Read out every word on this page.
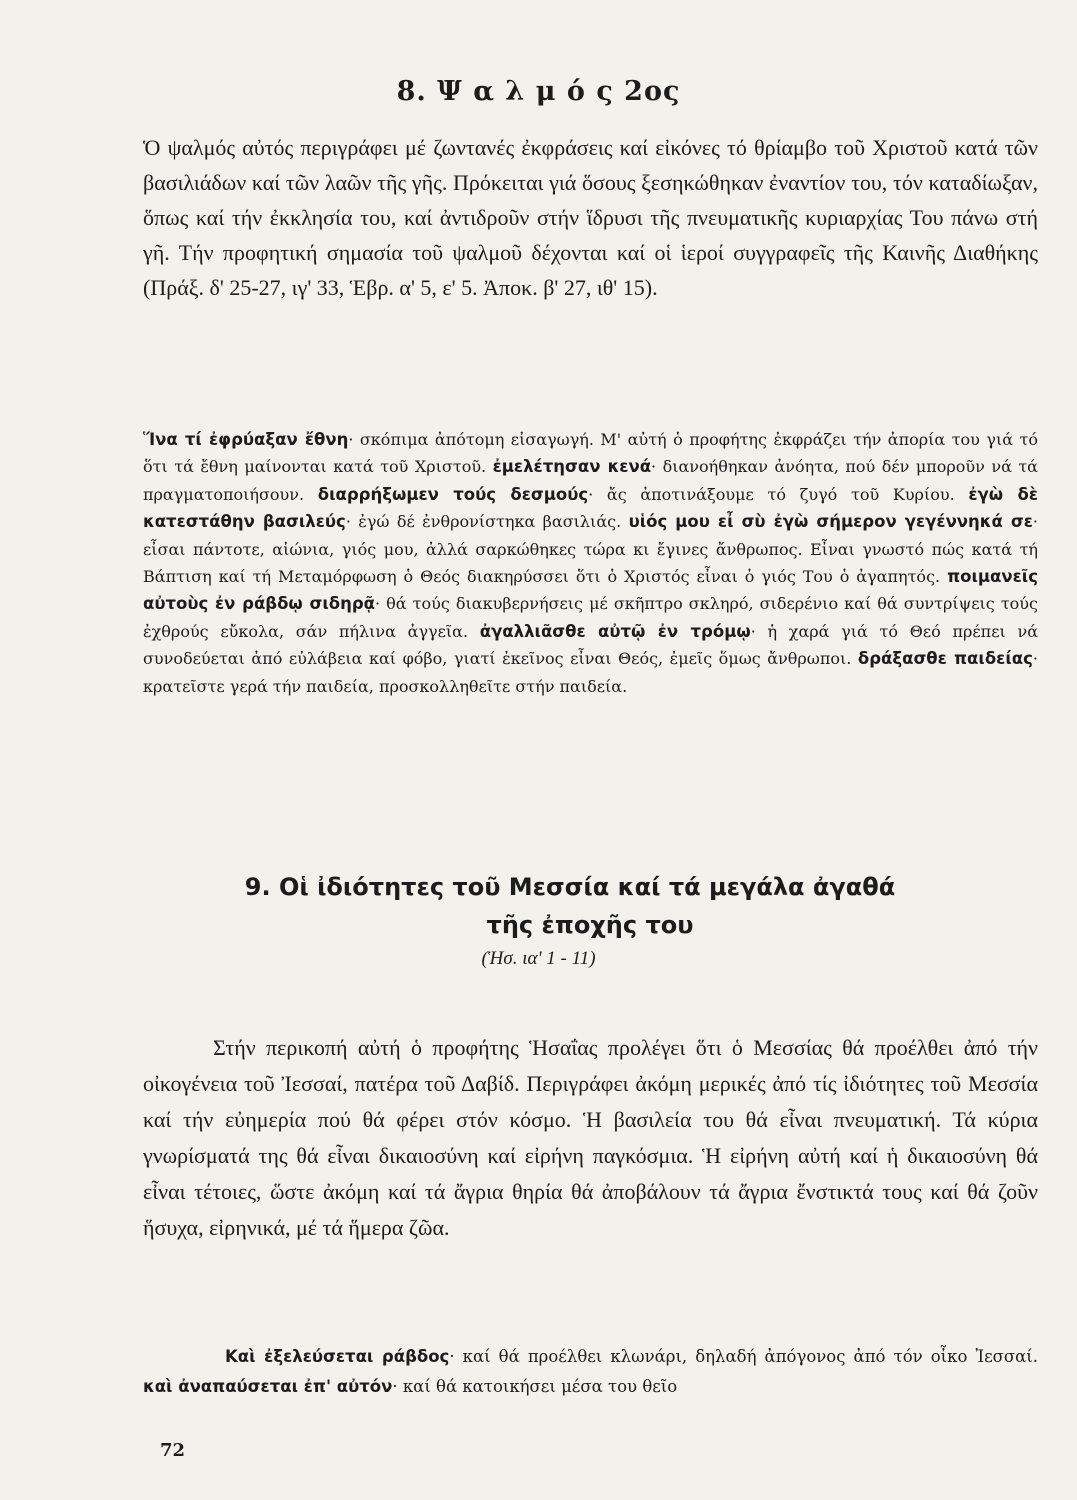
8. Ψ α λ μ ό ς 2ος
Ὁ ψαλμός αὐτός περιγράφει μέ ζωντανές ἐκφράσεις καί εἰκόνες τό θρίαμβο τοῦ Χριστοῦ κατά τῶν βασιλιάδων καί τῶν λαῶν τῆς γῆς. Πρόκειται γιά ὅσους ξεσηκώθηκαν ἐναντίον του, τόν καταδίωξαν, ὅπως καί τήν ἐκκλησία του, καί ἀντιδροῦν στήν ἵδρυσι τῆς πνευματικῆς κυριαρχίας Του πάνω στή γῆ. Τήν προφητική σημασία τοῦ ψαλμοῦ δέχονται καί οἱ ἱεροί συγγραφεῖς τῆς Καινῆς Διαθήκης (Πράξ. δ' 25-27, ιγ' 33, Ἑβρ. α' 5, ε' 5. Ἀποκ. β' 27, ιθ' 15).
Ἵνα τί ἐφρύαξαν ἔθνη· σκόπιμα ἀπότομη εἰσαγωγή. Μ' αὐτή ὁ προφήτης ἐκφράζει τήν ἀπορία του γιά τό ὅτι τά ἔθνη μαίνονται κατά τοῦ Χριστοῦ. ἐμελέτησαν κενά· διανοήθηκαν ἀνόητα, πού δέν μποροῦν νά τά πραγματοποιήσουν. διαρρήξωμεν τούς δεσμούς· ἄς ἀποτινάξουμε τό ζυγό τοῦ Κυρίου. ἐγὼ δὲ κατεστάθην βασιλεύς· ἐγώ δέ ἐνθρονίστηκα βασιλιάς. υἱός μου εἶ σὺ ἐγὼ σήμερον γεγέννηκά σε· εἶσαι πάντοτε, αἰώνια, γιός μου, ἀλλά σαρκώθηκες τώρα κι ἔγινες ἄνθρωπος. Εἶναι γνωστό πώς κατά τή Βάπτιση καί τή Μεταμόρφωση ὁ Θεός διακηρύσσει ὅτι ὁ Χριστός εἶναι ὁ γιός Του ὁ ἀγαπητός. ποιμανεῖς αὐτοὺς ἐν ράβδῳ σιδηρᾷ· θά τούς διακυβερνήσεις μέ σκῆπτρο σκληρό, σιδερένιο καί θά συντρίψεις τούς ἐχθρούς εὔκολα, σάν πήλινα ἀγγεῖα. ἀγαλλιᾶσθε αὐτῷ ἐν τρόμῳ· ἡ χαρά γιά τό Θεό πρέπει νά συνοδεύεται ἀπό εὐλάβεια καί φόβο, γιατί ἐκεῖνος εἶναι Θεός, ἐμεῖς ὅμως ἄνθρωποι. δράξασθε παιδείας· κρατεῖστε γερά τήν παιδεία, προσκολληθεῖτε στήν παιδεία.
9. Οἱ ἰδιότητες τοῦ Μεσσία καί τά μεγάλα ἀγαθά
τῆς ἐποχῆς του
(Ἡσ. ια' 1 - 11)
Στήν περικοπή αὐτή ὁ προφήτης Ἡσαΐας προλέγει ὅτι ὁ Μεσσίας θά προέλθει ἀπό τήν οἰκογένεια τοῦ Ἰεσσαί, πατέρα τοῦ Δαβίδ. Περιγράφει ἀκόμη μερικές ἀπό τίς ἰδιότητες τοῦ Μεσσία καί τήν εὐημερία πού θά φέρει στόν κόσμο. Ἡ βασιλεία του θά εἶναι πνευματική. Τά κύρια γνωρίσματά της θά εἶναι δικαιοσύνη καί εἰρήνη παγκόσμια. Ἡ εἰρήνη αὐτή καί ἡ δικαιοσύνη θά εἶναι τέτοιες, ὥστε ἀκόμη καί τά ἄγρια θηρία θά ἀποβάλουν τά ἄγρια ἔνστικτά τους καί θά ζοῦν ἥσυχα, εἰρηνικά, μέ τά ἥμερα ζῶα.
Καὶ ἐξελεύσεται ράβδος· καί θά προέλθει κλωνάρι, δηλαδή ἀπόγονος ἀπό τόν οἶκο Ἰεσσαί. καὶ ἀναπαύσεται ἐπ' αὐτόν· καί θά κατοικήσει μέσα του θεῖο
72
